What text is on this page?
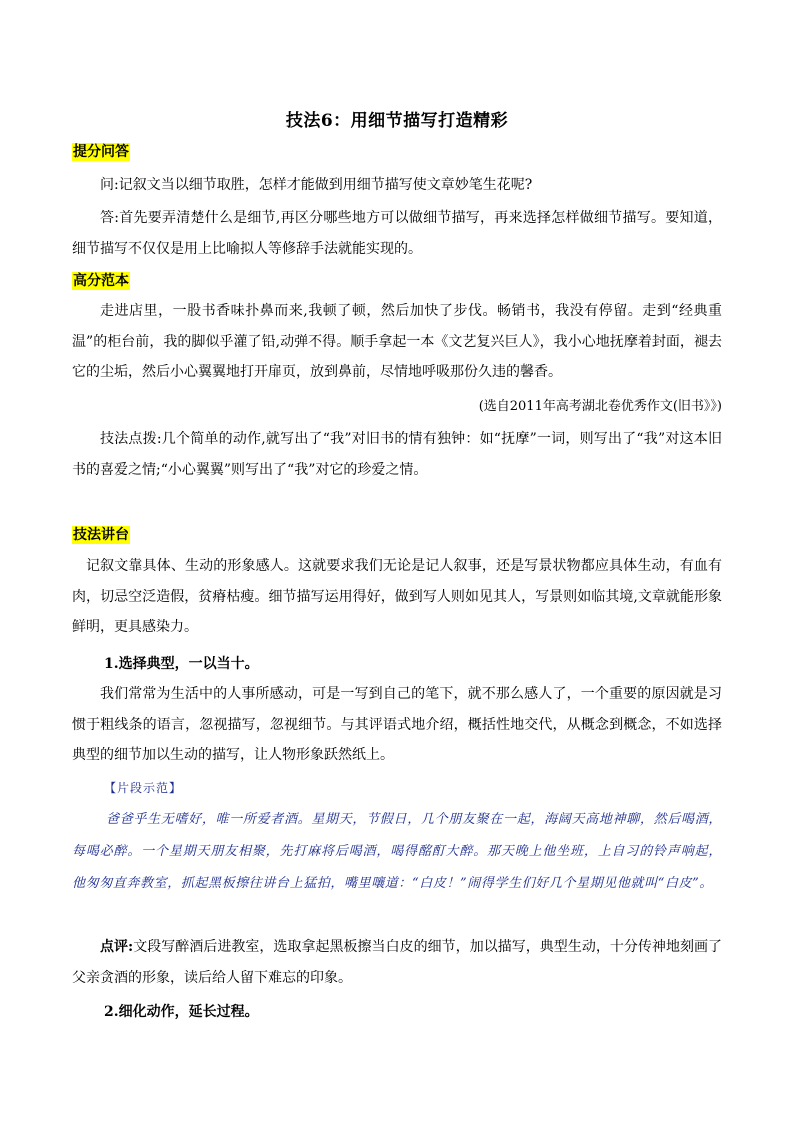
技法6：用细节描写打造精彩
提分问答

问:记叙文当以细节取胜，怎样才能做到用细节描写使文章妙笔生花呢?

答:首先要弄清楚什么是细节,再区分哪些地方可以做细节描写，再来选择怎样做细节描写。要知道，细节描写不仅仅是用上比喻拟人等修辞手法就能实现的。

高分范本

走进店里，一股书香味扑鼻而来,我顿了顿，然后加快了步伐。畅销书，我没有停留。走到“经典重温”的柜台前，我的脚似乎灌了铅,动弹不得。顺手拿起一本《文艺复兴巨人》，我小心地抚摩着封面，褪去它的尘垢，然后小心翼翼地打开扉页，放到鼻前，尽情地呼吸那份久违的馨香。

(选自2011年高考湖北卷优秀作文(旧书》》)

技法点拨:几个简单的动作,就写出了“我”对旧书的情有独钟：如“抚摩”一词，则写出了“我”对这本旧书的喜爱之情;“小心翼翼”则写出了“我”对它的珍爱之情。

技法讲台

记叙文靠具体、生动的形象感人。这就要求我们无论是记人叙事，还是写景状物都应具体生动，有血有肉，切忌空泛造假，贫瘠枯瘦。细节描写运用得好，做到写人则如见其人，写景则如临其境,文章就能形象鲜明，更具感染力。

1.选择典型，一以当十。

我们常常为生活中的人事所感动，可是一写到自己的笔下，就不那么感人了，一个重要的原因就是习惯于粗线条的语言，忽视描写，忽视细节。与其评语式地介绍，概括性地交代，从概念到概念，不如选择典型的细节加以生动的描写，让人物形象跃然纸上。

【片段示范】

爸爸乎生无嗜好，唯一所爱者酒。星期天，节假日，几个朋友聚在一起，海阔天高地神聊，然后喝酒，每喝必醉。一个星期天朋友相聚，先打麻将后喝酒，喝得酩酊大醉。那天晚上他坐班，上自习的铃声响起，他匆匆直奔教室，抓起黑板擦往讲台上猛拍，嘴里嚷道：“白皮！”闹得学生们好几个星期见他就叫“白皮”。

点评:文段写醉酒后进教室，选取拿起黑板擦当白皮的细节，加以描写，典型生动，十分传神地刻画了父亲贪酒的形象，读后给人留下难忘的印象。

2.细化动作，延长过程。
